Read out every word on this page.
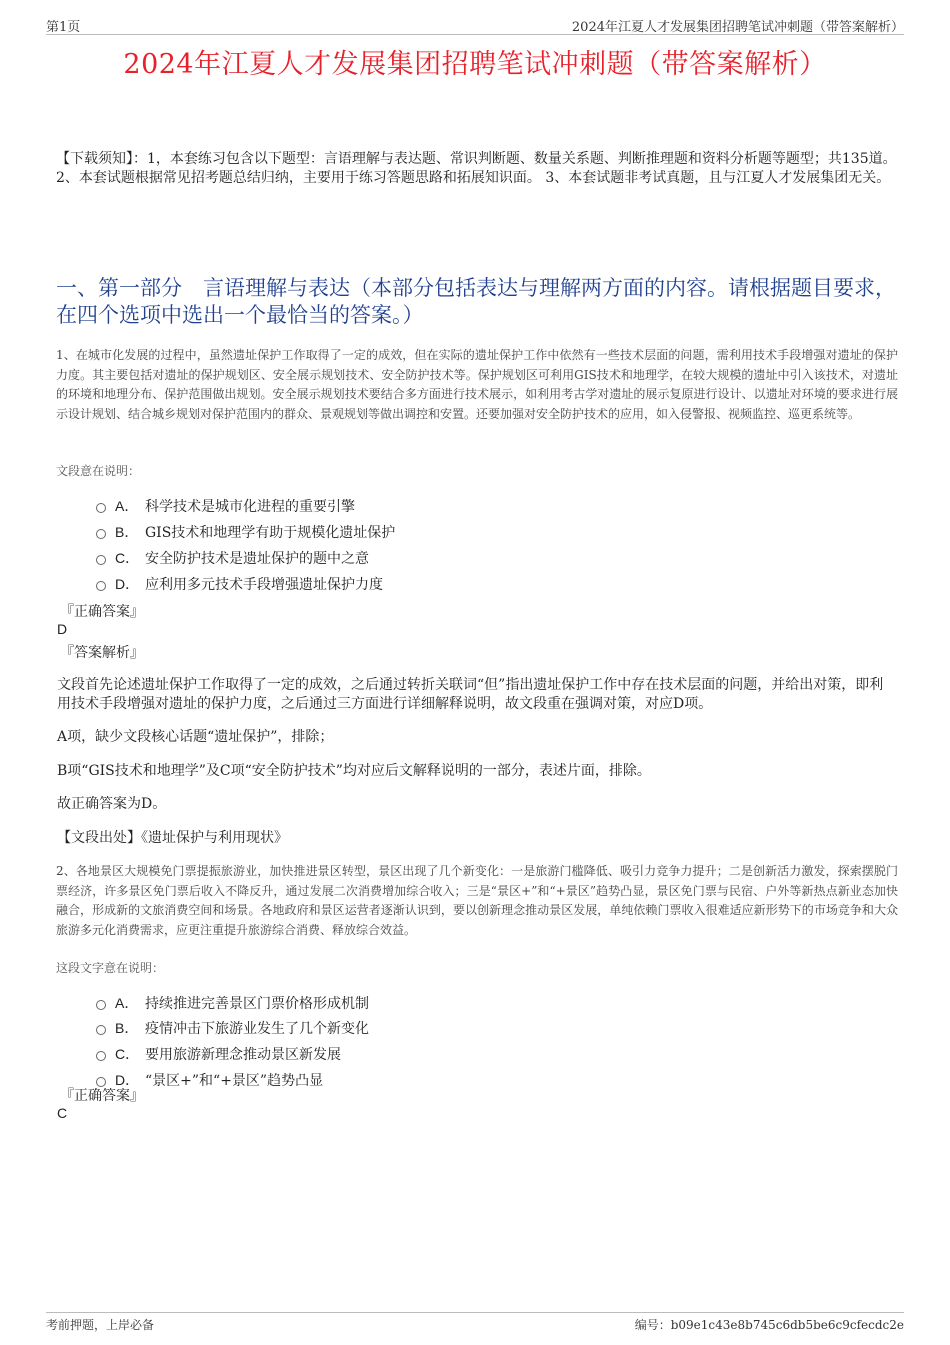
第1页	2024年江夏人才发展集团招聘笔试冲刺题（带答案解析）
2024年江夏人才发展集团招聘笔试冲刺题（带答案解析）
【下载须知】：1，本套练习包含以下题型：言语理解与表达题、常识判断题、数量关系题、判断推理题和资料分析题等题型；共135道。 2、本套试题根据常见招考题总结归纳，主要用于练习答题思路和拓展知识面。 3、本套试题非考试真题，且与江夏人才发展集团无关。
一、第一部分　言语理解与表达（本部分包括表达与理解两方面的内容。请根据题目要求，在四个选项中选出一个最恰当的答案。）
1、在城市化发展的过程中，虽然遗址保护工作取得了一定的成效，但在实际的遗址保护工作中依然有一些技术层面的问题，需利用技术手段增强对遗址的保护力度。其主要包括对遗址的保护规划区、安全展示规划技术、安全防护技术等。保护规划区可利用GIS技术和地理学，在较大规模的遗址中引入该技术，对遗址的环境和地理分布、保护范围做出规划。安全展示规划技术要结合多方面进行技术展示，如利用考古学对遗址的展示复原进行设计、以遗址对环境的要求进行展示设计规划、结合城乡规划对保护范围内的群众、景观规划等做出调控和安置。还要加强对安全防护技术的应用，如入侵警报、视频监控、巡更系统等。
文段意在说明：
A． 科学技术是城市化进程的重要引擎
B． GIS技术和地理学有助于规模化遗址保护
C． 安全防护技术是遗址保护的题中之意
D． 应利用多元技术手段增强遗址保护力度
『正确答案』
D
『答案解析』
文段首先论述遗址保护工作取得了一定的成效，之后通过转折关联词“但”指出遗址保护工作中存在技术层面的问题，并给出对策，即利用技术手段增强对遗址的保护力度，之后通过三方面进行详细解释说明，故文段重在强调对策，对应D项。
A项，缺少文段核心话题“遗址保护”，排除；
B项“GIS技术和地理学”及C项“安全防护技术”均对应后文解释说明的一部分，表述片面，排除。
故正确答案为D。
【文段出处】《遗址保护与利用现状》
2、各地景区大规模免门票提振旅游业，加快推进景区转型，景区出现了几个新变化：一是旅游门槛降低、吸引力竞争力提升；二是创新活力激发，探索摆脱门票经济，许多景区免门票后收入不降反升，通过发展二次消费增加综合收入；三是“景区+”和“+景区”趋势凸显，景区免门票与民宿、户外等新热点新业态加快融合，形成新的文旅消费空间和场景。各地政府和景区运营者逐渐认识到，要以创新理念推动景区发展，单纯依赖门票收入很难适应新形势下的市场竞争和大众旅游多元化消费需求，应更注重提升旅游综合消费、释放综合效益。
这段文字意在说明：
A． 持续推进完善景区门票价格形成机制
B． 疫情冲击下旅游业发生了几个新变化
C． 要用旅游新理念推动景区新发展
D． “景区+”和“+景区”趋势凸显
『正确答案』
C
考前押题，上岸必备	编号：b09e1c43e8b745c6db5be6c9cfecdc2e
